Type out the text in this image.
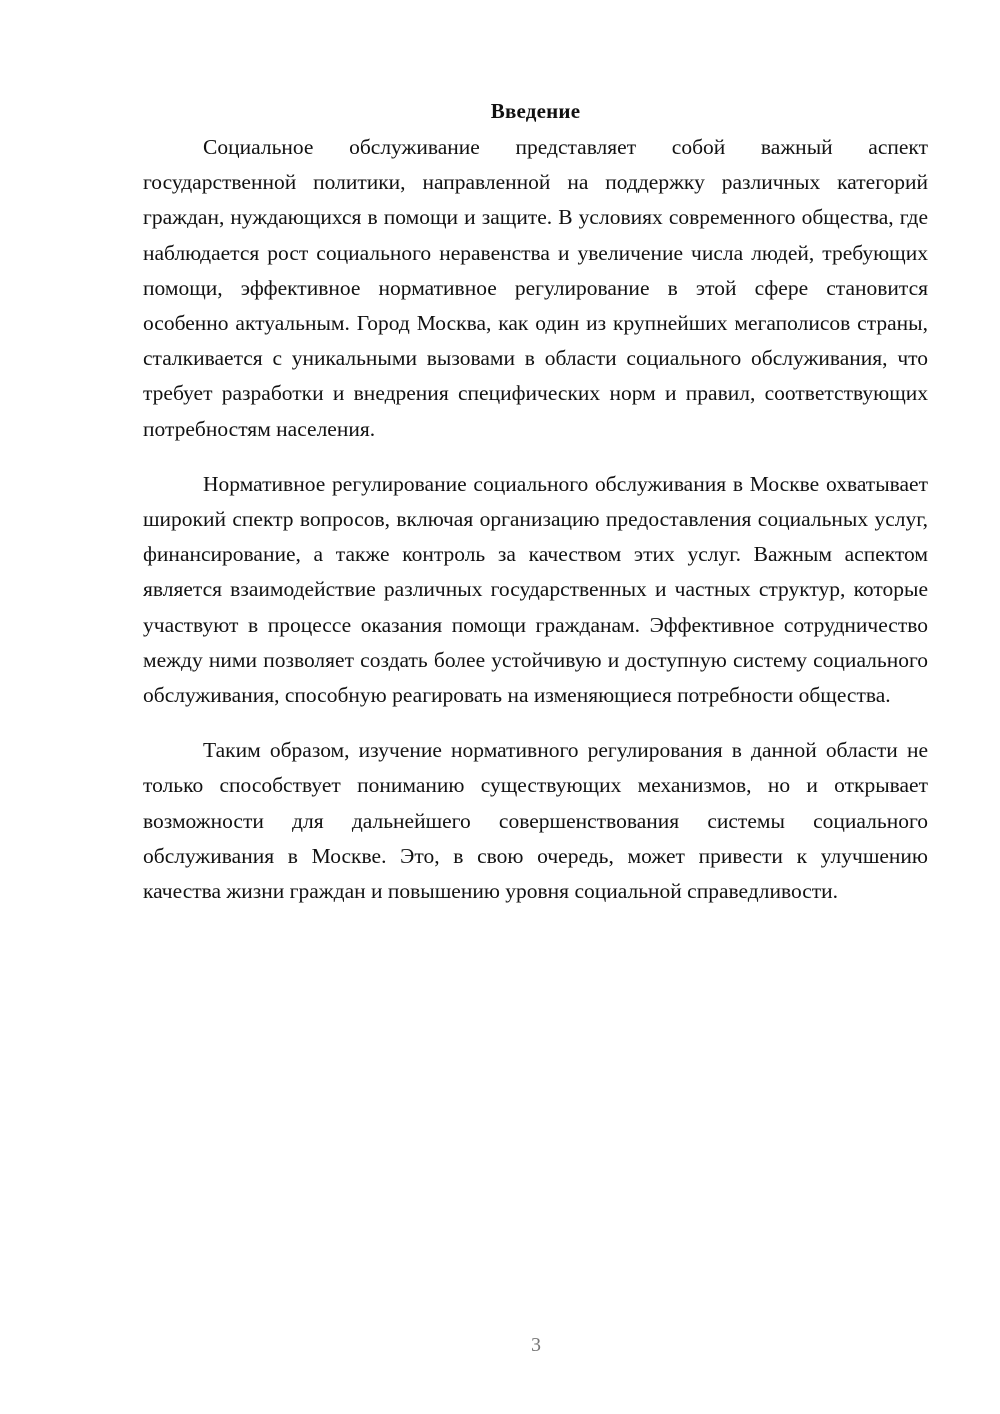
Введение

Социальное обслуживание представляет собой важный аспект государственной политики, направленной на поддержку различных категорий граждан, нуждающихся в помощи и защите. В условиях современного общества, где наблюдается рост социального неравенства и увеличение числа людей, требующих помощи, эффективное нормативное регулирование в этой сфере становится особенно актуальным. Город Москва, как один из крупнейших мегаполисов страны, сталкивается с уникальными вызовами в области социального обслуживания, что требует разработки и внедрения специфических норм и правил, соответствующих потребностям населения.

Нормативное регулирование социального обслуживания в Москве охватывает широкий спектр вопросов, включая организацию предоставления социальных услуг, финансирование, а также контроль за качеством этих услуг. Важным аспектом является взаимодействие различных государственных и частных структур, которые участвуют в процессе оказания помощи гражданам. Эффективное сотрудничество между ними позволяет создать более устойчивую и доступную систему социального обслуживания, способную реагировать на изменяющиеся потребности общества.

Таким образом, изучение нормативного регулирования в данной области не только способствует пониманию существующих механизмов, но и открывает возможности для дальнейшего совершенствования системы социального обслуживания в Москве. Это, в свою очередь, может привести к улучшению качества жизни граждан и повышению уровня социальной справедливости.

3
